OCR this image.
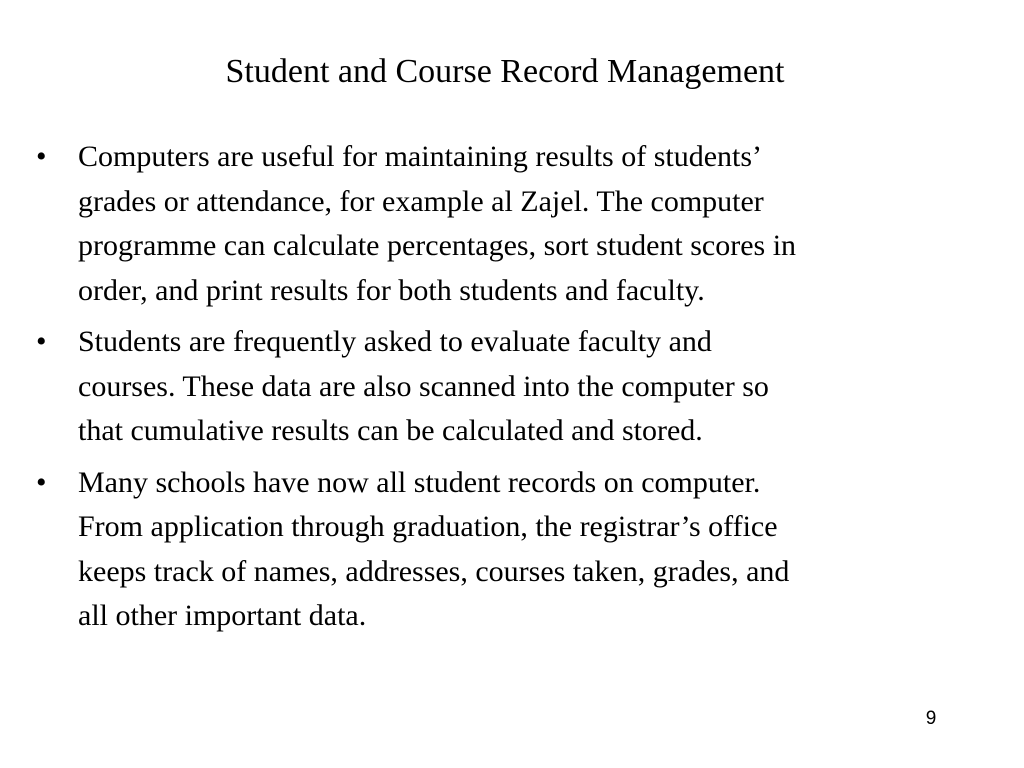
Student and Course Record Management
•	Computers are useful for maintaining results of students’
grades or attendance, for example al Zajel. The computer
programme can calculate percentages, sort student scores in
order, and print results for both students and faculty.
•	Students are frequently asked to evaluate faculty and
courses. These data are also scanned into the computer so
that cumulative results can be calculated and stored.
•	Many schools have now all student records on computer.
From application through graduation, the registrar’s office
keeps track of names, addresses, courses taken, grades, and
all other important data.
9
